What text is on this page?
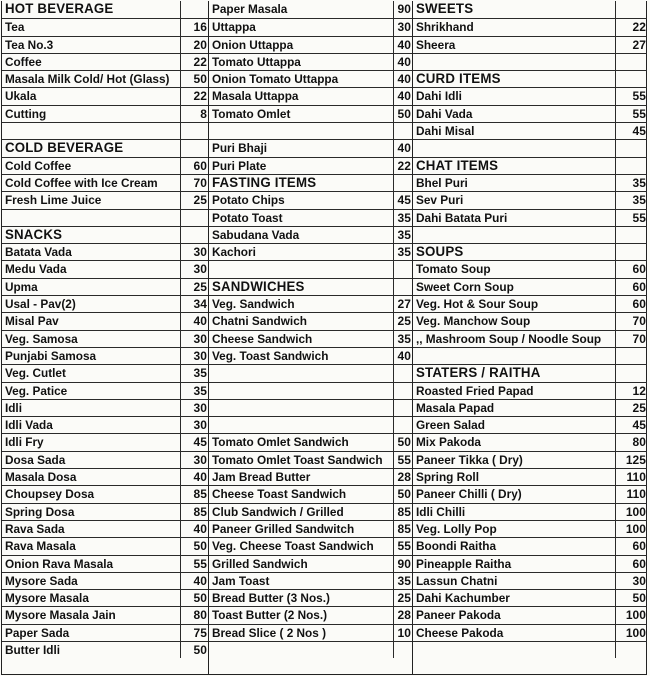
HOT BEVERAGE
Tea	16
Tea No.3	20
Coffee	22
Masala Milk Cold/ Hot (Glass)	50
Ukala	22
Cutting	8
COLD BEVERAGE
Cold Coffee	60
Cold Coffee with Ice Cream	70
Fresh Lime Juice	25
SNACKS
Batata Vada	30
Medu Vada	30
Upma	25
Usal - Pav(2)	34
Misal Pav	40
Veg. Samosa	30
Punjabi Samosa	30
Veg. Cutlet	35
Veg. Patice	35
Idli	30
Idli Vada	30
Idli Fry	45
Dosa Sada	30
Masala Dosa	40
Choupsey Dosa	85
Spring Dosa	85
Rava Sada	40
Rava Masala	50
Onion Rava Masala	55
Mysore Sada	40
Mysore Masala	50
Mysore Masala Jain	80
Paper Sada	75
Butter Idli	50
Paper Masala	90
Uttappa	30
Onion Uttappa	40
Tomato Uttappa	40
Onion Tomato Uttappa	40
Masala Uttappa	40
Tomato Omlet	50
Puri Bhaji	40
Puri Plate	22
FASTING ITEMS
Potato Chips	45
Potato Toast	35
Sabudana Vada	35
Kachori	35
SANDWICHES
Veg. Sandwich	27
Chatni Sandwich	25
Cheese Sandwich	35
Veg. Toast Sandwich	40
Tomato Omlet Sandwich	50
Tomato Omlet Toast Sandwich	55
Jam Bread Butter	28
Cheese Toast Sandwich	50
Club Sandwich / Grilled	85
Paneer Grilled Sandwitch	85
Veg. Cheese Toast Sandwich	55
Grilled Sandwich	90
Jam Toast	35
Bread Butter (3 Nos.)	25
Toast Butter (2 Nos.)	28
Bread Slice ( 2 Nos )	10
SWEETS
Shrikhand	22
Sheera	27
CURD ITEMS
Dahi Idli	55
Dahi Vada	55
Dahi Misal	45
CHAT ITEMS
Bhel Puri	35
Sev Puri	35
Dahi Batata Puri	55
SOUPS
Tomato Soup	60
Sweet Corn Soup	60
Veg. Hot & Sour Soup	60
Veg. Manchow Soup	70
,, Mashroom Soup / Noodle Soup	70
STATERS / RAITHA
Roasted Fried Papad	12
Masala Papad	25
Green Salad	45
Mix Pakoda	80
Paneer Tikka ( Dry)	125
Spring Roll	110
Paneer Chilli ( Dry)	110
Idli Chilli	100
Veg. Lolly Pop	100
Boondi Raitha	60
Pineapple Raitha	60
Lassun Chatni	30
Dahi Kachumber	50
Paneer Pakoda	100
Cheese Pakoda	100
